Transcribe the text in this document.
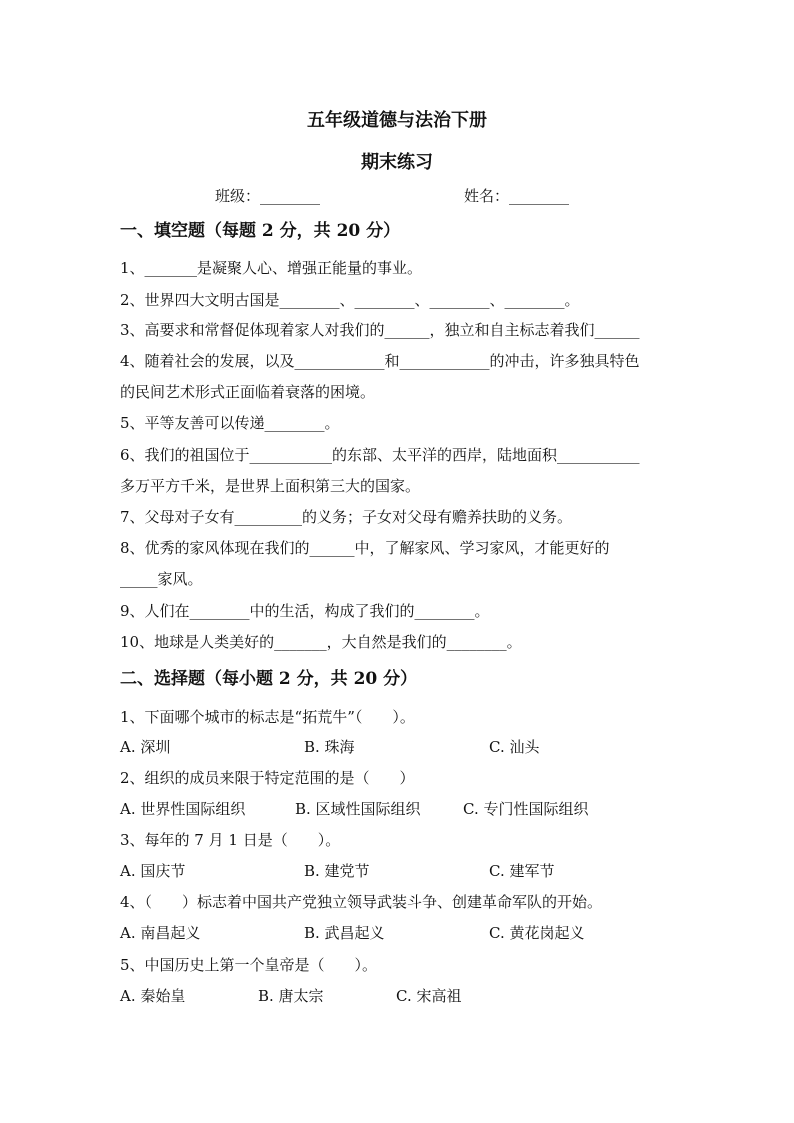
五年级道德与法治下册
期末练习
班级：________	姓名：________
一、填空题（每题 2 分，共 20 分）
1、_______是凝聚人心、增强正能量的事业。
2、世界四大文明古国是________、________、________、________。
3、高要求和常督促体现着家人对我们的______，独立和自主标志着我们______
4、随着社会的发展，以及____________和____________的冲击，许多独具特色
的民间艺术形式正面临着衰落的困境。
5、平等友善可以传递________。
6、我们的祖国位于___________的东部、太平洋的西岸，陆地面积___________
多万平方千米，是世界上面积第三大的国家。
7、父母对子女有_________的义务；子女对父母有赡养扶助的义务。
8、优秀的家风体现在我们的______中，了解家风、学习家风，才能更好的
_____家风。
9、人们在________中的生活，构成了我们的________。
10、地球是人类美好的_______，大自然是我们的________。
二、选择题（每小题 2 分，共 20 分）
1、下面哪个城市的标志是“拓荒牛”（　　）。
A. 深圳	B. 珠海	C. 汕头
2、组织的成员来限于特定范围的是（　　）
A. 世界性国际组织	B. 区域性国际组织	C. 专门性国际组织
3、每年的 7 月 1 日是（　　）。
A. 国庆节	B. 建党节	C. 建军节
4、（　　）标志着中国共产党独立领导武装斗争、创建革命军队的开始。
A. 南昌起义	B. 武昌起义	C. 黄花岗起义
5、中国历史上第一个皇帝是（　　）。
A. 秦始皇	B. 唐太宗	C. 宋高祖
